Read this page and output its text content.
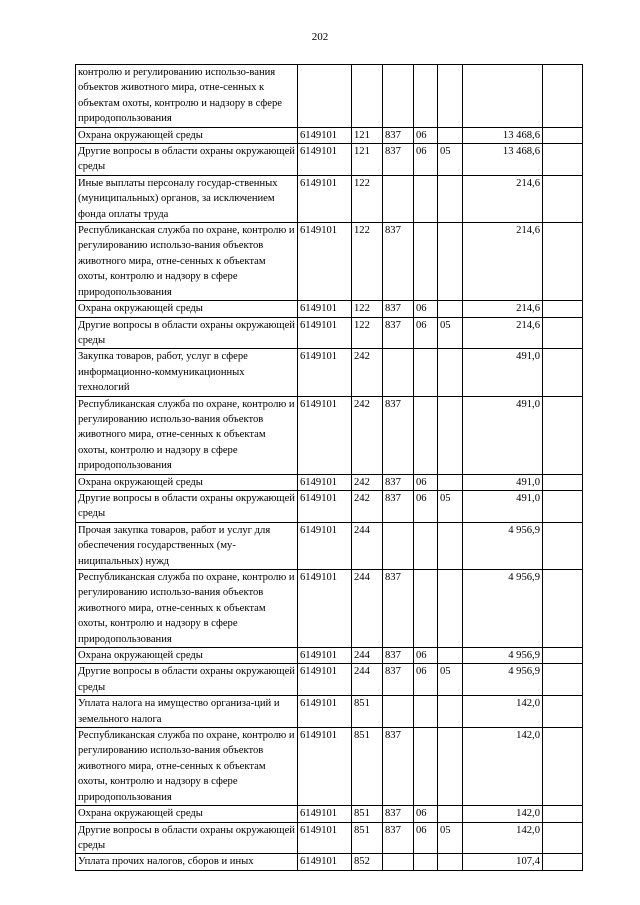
202
контролю и регулированию использо-вания объектов животного мира, отне-сенных к объектам охоты, контролю и надзору в сфере природопользования							
Охрана окружающей среды	6149101	121	837	06		13 468,6	
Другие вопросы в области охраны окружающей среды	6149101	121	837	06	05	13 468,6	
Иные выплаты персоналу государ-ственных (муниципальных) органов, за исключением фонда оплаты труда	6149101	122				214,6	
Республиканская служба по охране, контролю и регулированию использо-вания объектов животного мира, отне-сенных к объектам охоты, контролю и надзору в сфере природопользования	6149101	122	837			214,6	
Охрана окружающей среды	6149101	122	837	06		214,6	
Другие вопросы в области охраны окружающей среды	6149101	122	837	06	05	214,6	
Закупка товаров, работ, услуг в сфере информационно-коммуникационных технологий	6149101	242				491,0	
Республиканская служба по охране, контролю и регулированию использо-вания объектов животного мира, отне-сенных к объектам охоты, контролю и надзору в сфере природопользования	6149101	242	837			491,0	
Охрана окружающей среды	6149101	242	837	06		491,0	
Другие вопросы в области охраны окружающей среды	6149101	242	837	06	05	491,0	
Прочая закупка товаров, работ и услуг для обеспечения государственных (му-ниципальных) нужд	6149101	244				4 956,9	
Республиканская служба по охране, контролю и регулированию использо-вания объектов животного мира, отне-сенных к объектам охоты, контролю и надзору в сфере природопользования	6149101	244	837			4 956,9	
Охрана окружающей среды	6149101	244	837	06		4 956,9	
Другие вопросы в области охраны окружающей среды	6149101	244	837	06	05	4 956,9	
Уплата налога на имущество организа-ций и земельного налога	6149101	851				142,0	
Республиканская служба по охране, контролю и регулированию использо-вания объектов животного мира, отне-сенных к объектам охоты, контролю и надзору в сфере природопользования	6149101	851	837			142,0	
Охрана окружающей среды	6149101	851	837	06		142,0	
Другие вопросы в области охраны окружающей среды	6149101	851	837	06	05	142,0	
Уплата прочих налогов, сборов и иных	6149101	852				107,4	
